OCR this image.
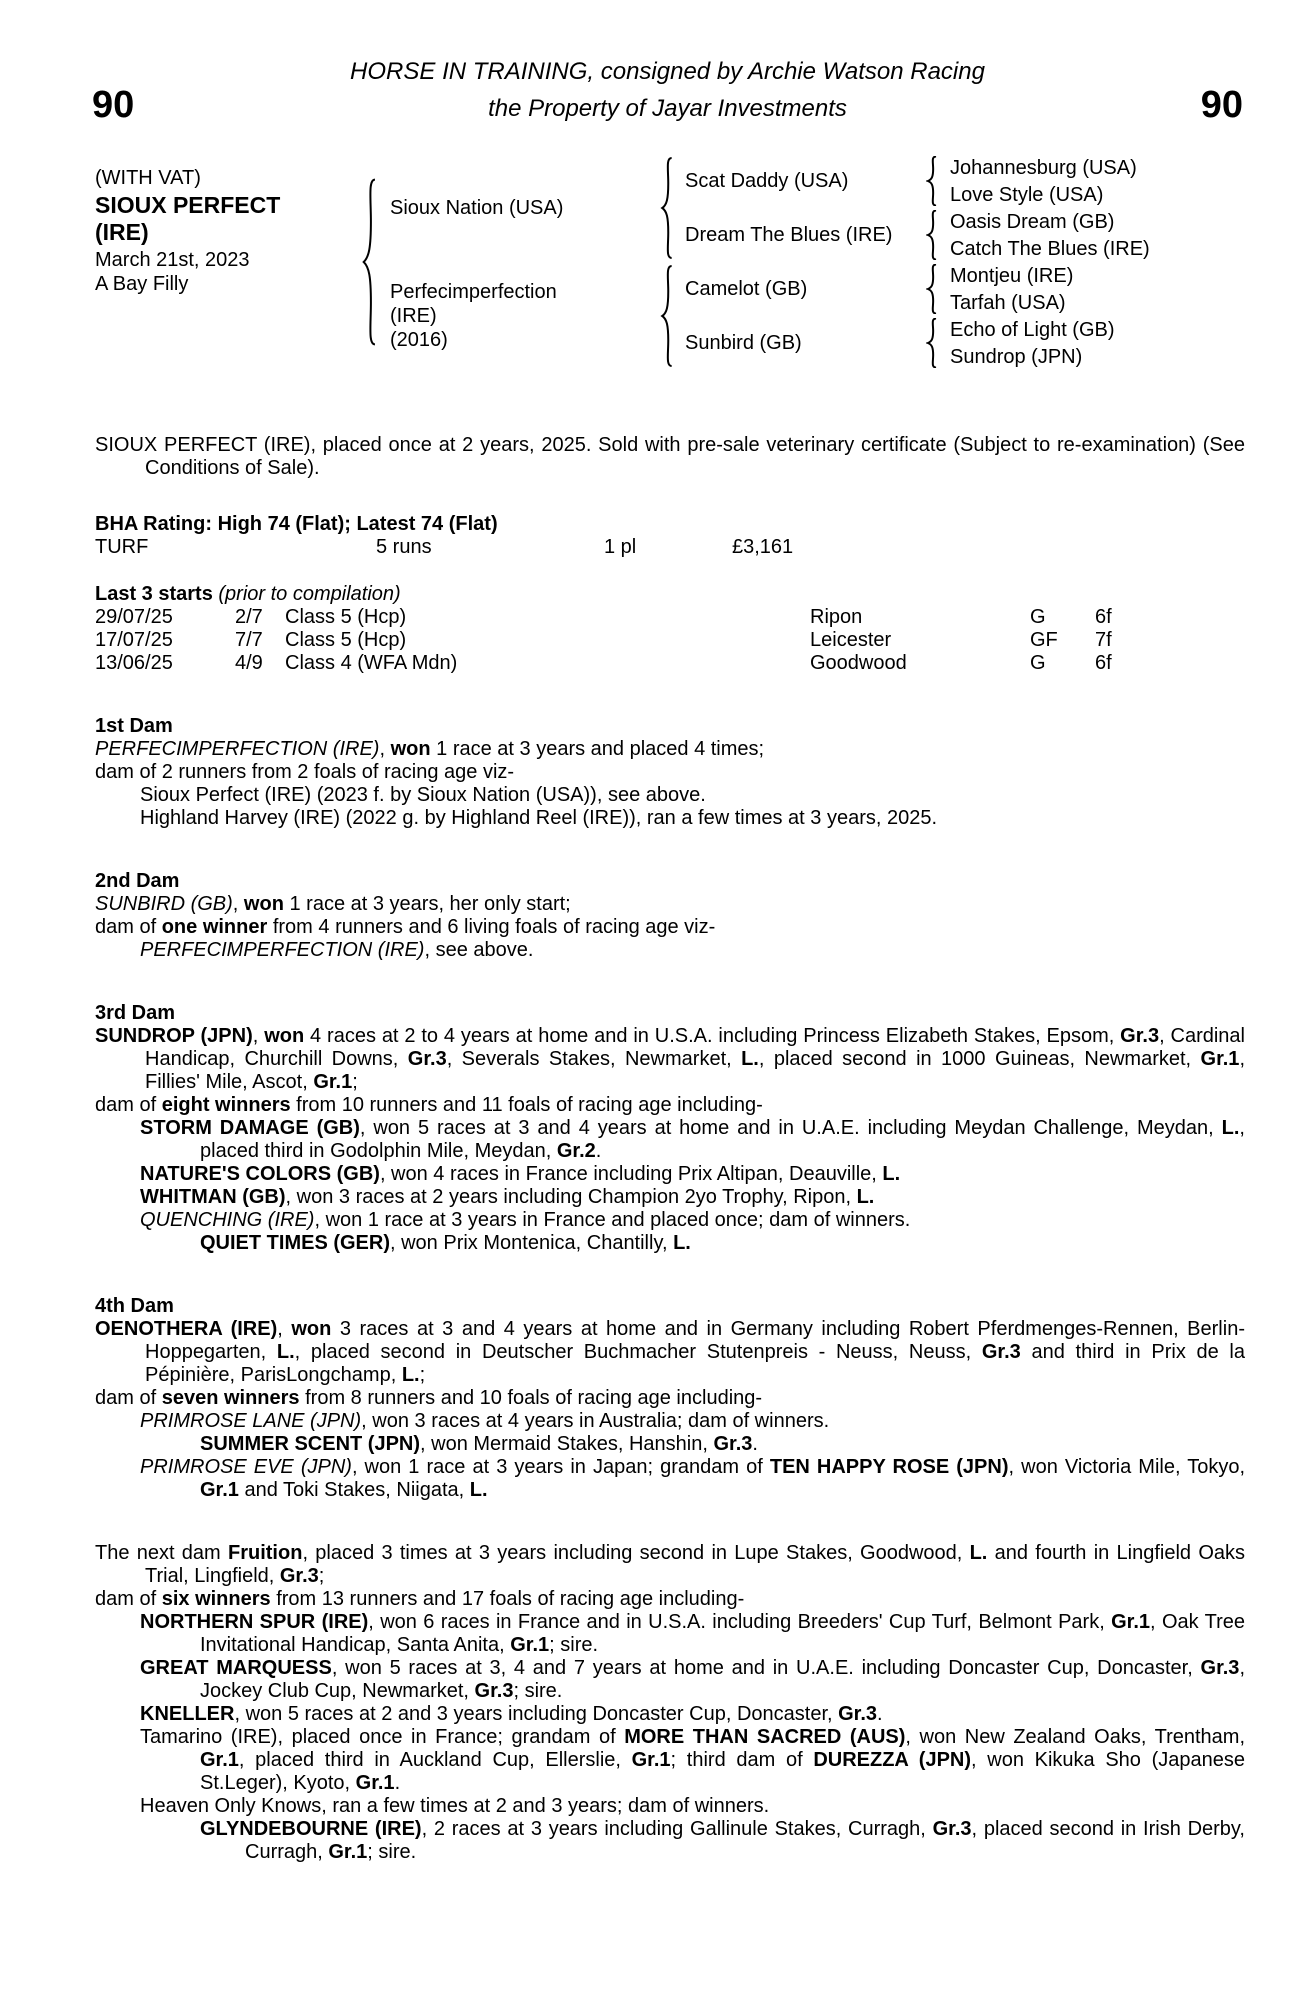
90
HORSE IN TRAINING, consigned by Archie Watson Racing
the Property of Jayar Investments	90
(WITH VAT)
SIOUX PERFECT (IRE)
March 21st, 2023
A Bay Filly
Sioux Nation (USA)
Perfecimperfection
(IRE)
(2016)
Scat Daddy (USA)
Dream The Blues (IRE)
Camelot (GB)
Sunbird (GB)
Johannesburg (USA)
Love Style (USA)
Oasis Dream (GB)
Catch The Blues (IRE)
Montjeu (IRE)
Tarfah (USA)
Echo of Light (GB)
Sundrop (JPN)
SIOUX PERFECT (IRE), placed once at 2 years, 2025. Sold with pre-sale veterinary certificate (Subject to re-examination) (See Conditions of Sale).
BHA Rating: High 74 (Flat); Latest 74 (Flat)
TURF	5 runs	1 pl	£3,161
Last 3 starts (prior to compilation)
29/07/25	2/7	Class 5 (Hcp)	Ripon	G	6f
17/07/25	7/7	Class 5 (Hcp)	Leicester	GF	7f
13/06/25	4/9	Class 4 (WFA Mdn)	Goodwood	G	6f
1st Dam
PERFECIMPERFECTION (IRE), won 1 race at 3 years and placed 4 times;
dam of 2 runners from 2 foals of racing age viz-
Sioux Perfect (IRE) (2023 f. by Sioux Nation (USA)), see above.
Highland Harvey (IRE) (2022 g. by Highland Reel (IRE)), ran a few times at 3 years, 2025.
2nd Dam
SUNBIRD (GB), won 1 race at 3 years, her only start;
dam of one winner from 4 runners and 6 living foals of racing age viz-
PERFECIMPERFECTION (IRE), see above.
3rd Dam
SUNDROP (JPN), won 4 races at 2 to 4 years at home and in U.S.A. including Princess Elizabeth Stakes, Epsom, Gr.3, Cardinal Handicap, Churchill Downs, Gr.3, Severals Stakes, Newmarket, L., placed second in 1000 Guineas, Newmarket, Gr.1, Fillies' Mile, Ascot, Gr.1;
dam of eight winners from 10 runners and 11 foals of racing age including-
STORM DAMAGE (GB), won 5 races at 3 and 4 years at home and in U.A.E. including Meydan Challenge, Meydan, L., placed third in Godolphin Mile, Meydan, Gr.2.
NATURE'S COLORS (GB), won 4 races in France including Prix Altipan, Deauville, L.
WHITMAN (GB), won 3 races at 2 years including Champion 2yo Trophy, Ripon, L.
QUENCHING (IRE), won 1 race at 3 years in France and placed once; dam of winners.
QUIET TIMES (GER), won Prix Montenica, Chantilly, L.
4th Dam
OENOTHERA (IRE), won 3 races at 3 and 4 years at home and in Germany including Robert Pferdmenges-Rennen, Berlin-Hoppegarten, L., placed second in Deutscher Buchmacher Stutenpreis - Neuss, Neuss, Gr.3 and third in Prix de la Pépinière, ParisLongchamp, L.;
dam of seven winners from 8 runners and 10 foals of racing age including-
PRIMROSE LANE (JPN), won 3 races at 4 years in Australia; dam of winners.
SUMMER SCENT (JPN), won Mermaid Stakes, Hanshin, Gr.3.
PRIMROSE EVE (JPN), won 1 race at 3 years in Japan; grandam of TEN HAPPY ROSE (JPN), won Victoria Mile, Tokyo, Gr.1 and Toki Stakes, Niigata, L.
The next dam Fruition, placed 3 times at 3 years including second in Lupe Stakes, Goodwood, L. and fourth in Lingfield Oaks Trial, Lingfield, Gr.3;
dam of six winners from 13 runners and 17 foals of racing age including-
NORTHERN SPUR (IRE), won 6 races in France and in U.S.A. including Breeders' Cup Turf, Belmont Park, Gr.1, Oak Tree Invitational Handicap, Santa Anita, Gr.1; sire.
GREAT MARQUESS, won 5 races at 3, 4 and 7 years at home and in U.A.E. including Doncaster Cup, Doncaster, Gr.3, Jockey Club Cup, Newmarket, Gr.3; sire.
KNELLER, won 5 races at 2 and 3 years including Doncaster Cup, Doncaster, Gr.3.
Tamarino (IRE), placed once in France; grandam of MORE THAN SACRED (AUS), won New Zealand Oaks, Trentham, Gr.1, placed third in Auckland Cup, Ellerslie, Gr.1; third dam of DUREZZA (JPN), won Kikuka Sho (Japanese St.Leger), Kyoto, Gr.1.
Heaven Only Knows, ran a few times at 2 and 3 years; dam of winners.
GLYNDEBOURNE (IRE), 2 races at 3 years including Gallinule Stakes, Curragh, Gr.3, placed second in Irish Derby, Curragh, Gr.1; sire.
